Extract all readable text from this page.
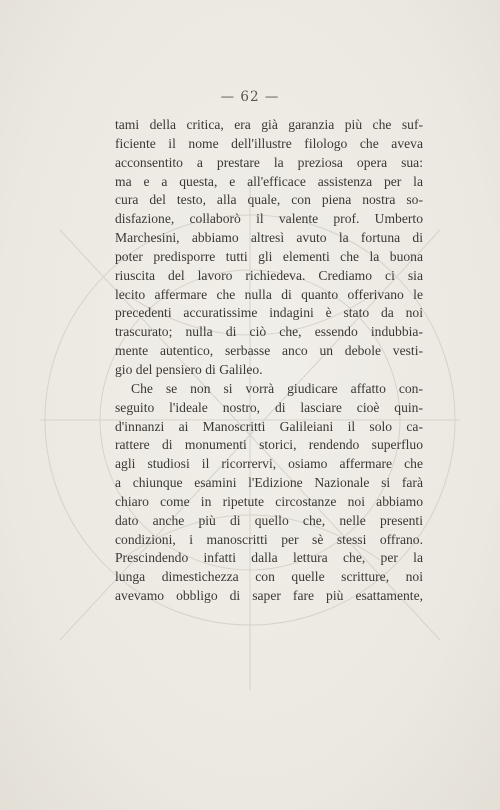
— 62 —
tami della critica, era già garanzia più che suf-
ficiente il nome dell'illustre filologo che aveva
acconsentito a prestare la preziosa opera sua:
ma e a questa, e all'efficace assistenza per la
cura del testo, alla quale, con piena nostra so-
disfazione, collaborò il valente prof. Umberto
Marchesini, abbiamo altresì avuto la fortuna di
poter predisporre tutti gli elementi che la buona
riuscita del lavoro richiedeva. Crediamo ci sia
lecito affermare che nulla di quanto offerivano le
precedenti accuratissime indagini è stato da noi
trascurato; nulla di ciò che, essendo indubbia-
mente autentico, serbasse anco un debole vesti-
gio del pensiero di Galileo.
Che se non si vorrà giudicare affatto con-
seguito l'ideale nostro, di lasciare cioè quin-
d'innanzi ai Manoscritti Galileiani il solo ca-
rattere di monumenti storici, rendendo superfluo
agli studiosi il ricorrervi, osiamo affermare che
a chiunque esamini l'Edizione Nazionale si farà
chiaro come in ripetute circostanze noi abbiamo
dato anche più di quello che, nelle presenti
condizioni, i manoscritti per sè stessi offrano.
Prescindendo infatti dalla lettura che, per la
lunga dimestichezza con quelle scritture, noi
avevamo obbligo di saper fare più esattamente,
